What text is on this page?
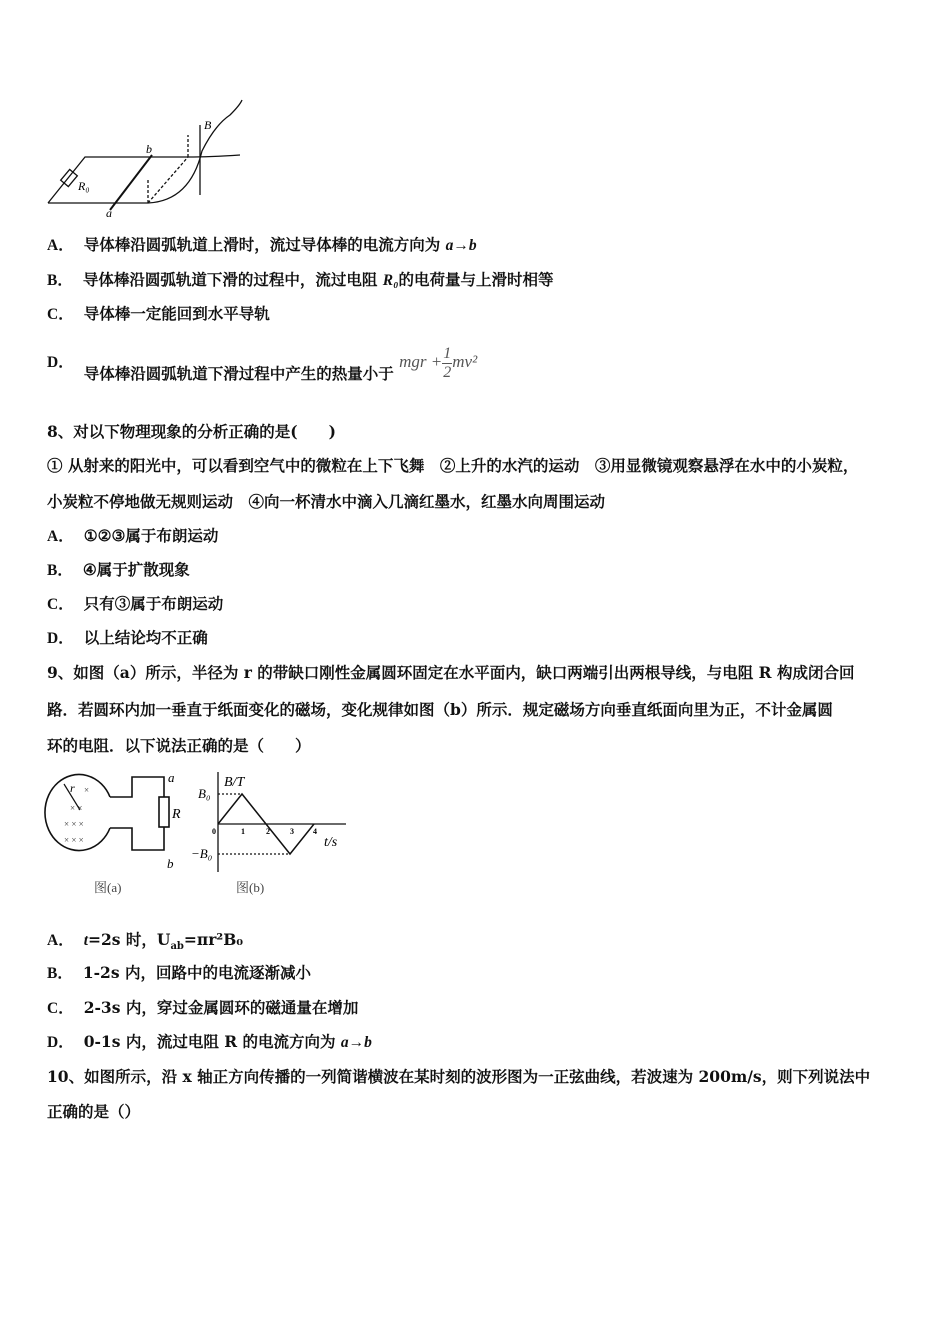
R₀
a
b
B
A． 导体棒沿圆弧轨道上滑时，流过导体棒的电流方向为 a→b
B． 导体棒沿圆弧轨道下滑的过程中，流过电阻 R₀的电荷量与上滑时相等
C． 导体棒一定能回到水平导轨
D．导体棒沿圆弧轨道下滑过程中产生的热量小于 mgr + $\frac{1}{2} mv^2$
8、对以下物理现象的分析正确的是(　　)
① 从射来的阳光中，可以看到空气中的微粒在上下飞舞　②上升的水汽的运动　③用显微镜观察悬浮在水中的小炭粒，
小炭粒不停地做无规则运动　④向一杯清水中滴入几滴红墨水，红墨水向周围运动
A． ①②③属于布朗运动
B． ④属于扩散现象
C． 只有③属于布朗运动
D． 以上结论均不正确
9、如图（a）所示，半径为 r 的带缺口刚性金属圆环固定在水平面内，缺口两端引出两根导线，与电阻 R 构成闭合回
路．若圆环内加一垂直于纸面变化的磁场，变化规律如图（b）所示．规定磁场方向垂直纸面向里为正，不计金属圆
环的电阻．以下说法正确的是（　　）
×
× ×
× × ×
× × ×
r
a
R
b
图(a)
B/T
t/s
B₀
−B₀
0	1	2	3 4
图(b)
A． t=2s 时，$U_{ab}=\pi r^2B_0$
B． 1-2s 内，回路中的电流逐渐减小
C． 2-3s 内，穿过金属圆环的磁通量在增加
D． 0-1s 内，流过电阻 R 的电流方向为 a→b
10、如图所示，沿 x 轴正方向传播的一列简谐横波在某时刻的波形图为一正弦曲线，若波速为 200m/s，则下列说法中
正确的是（）
